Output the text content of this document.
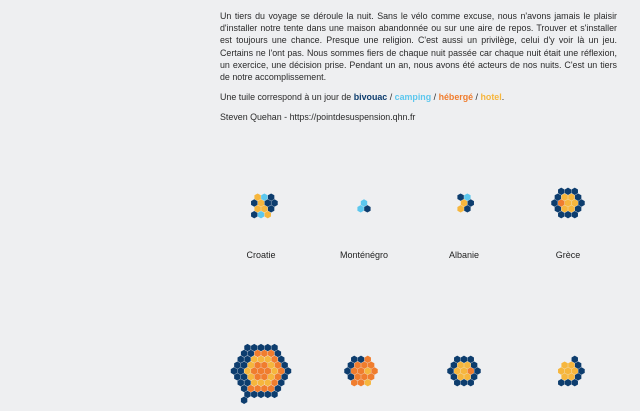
Un tiers du voyage se déroule la nuit. Sans le vélo comme excuse, nous n'avons jamais le plaisir d'installer notre tente dans une maison abandonnée ou sur une aire de repos. Trouver et s'installer est toujours une chance. Presque une religion. C'est aussi un privilège, celui d'y voir là un jeu. Certains ne l'ont pas. Nous sommes fiers de chaque nuit passée car chaque nuit était une réflexion, un exercice, une décision prise. Pendant un an, nous avons été acteurs de nos nuits. C'est un tiers de notre accomplissement.

Une tuile correspond à un jour de bivouac / camping / hébergé / hotel.

Steven Quehan - https://pointdesuspension.qhn.fr

Croatie	Monténégro	Albanie	Grèce
